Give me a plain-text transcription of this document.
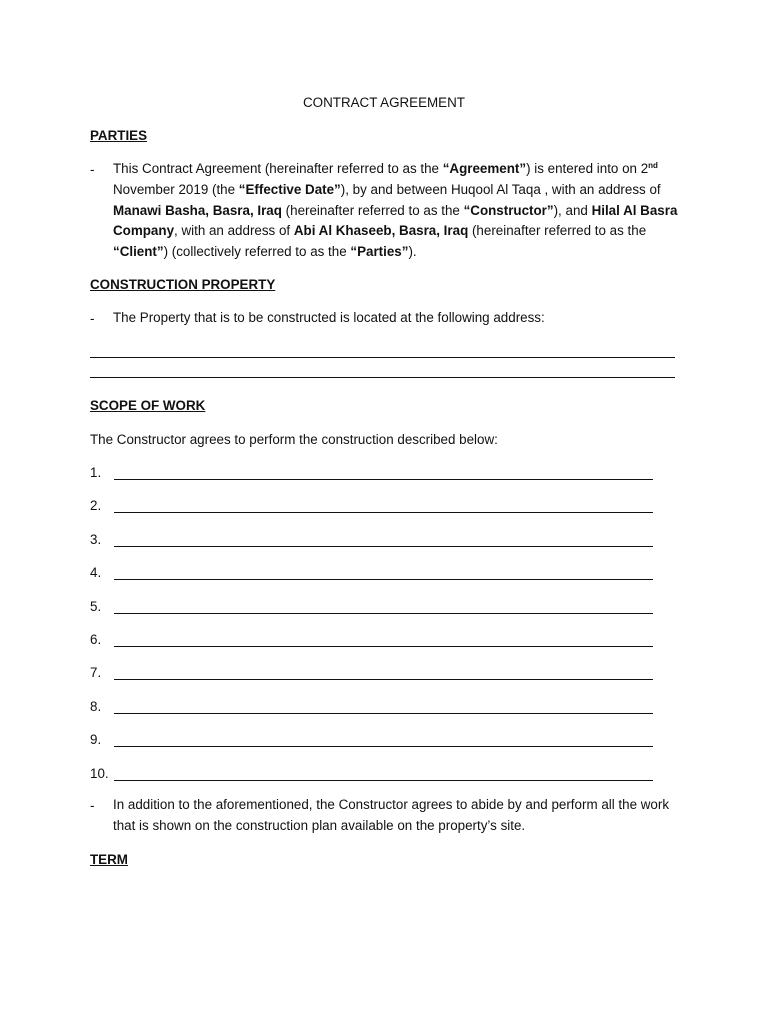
CONTRACT AGREEMENT
PARTIES
- This Contract Agreement (hereinafter referred to as the “Agreement”) is entered into on 2nd November 2019 (the “Effective Date”), by and between Huqool Al Taqa , with an address of Manawi Basha, Basra, Iraq (hereinafter referred to as the “Constructor”), and Hilal Al Basra Company, with an address of Abi Al Khaseeb, Basra, Iraq (hereinafter referred to as the “Client”) (collectively referred to as the “Parties”).
CONSTRUCTION PROPERTY
- The Property that is to be constructed is located at the following address:
SCOPE OF WORK
The Constructor agrees to perform the construction described below:
1.
2.
3.
4.
5.
6.
7.
8.
9.
10.
- In addition to the aforementioned, the Constructor agrees to abide by and perform all the work that is shown on the construction plan available on the property’s site.
TERM
